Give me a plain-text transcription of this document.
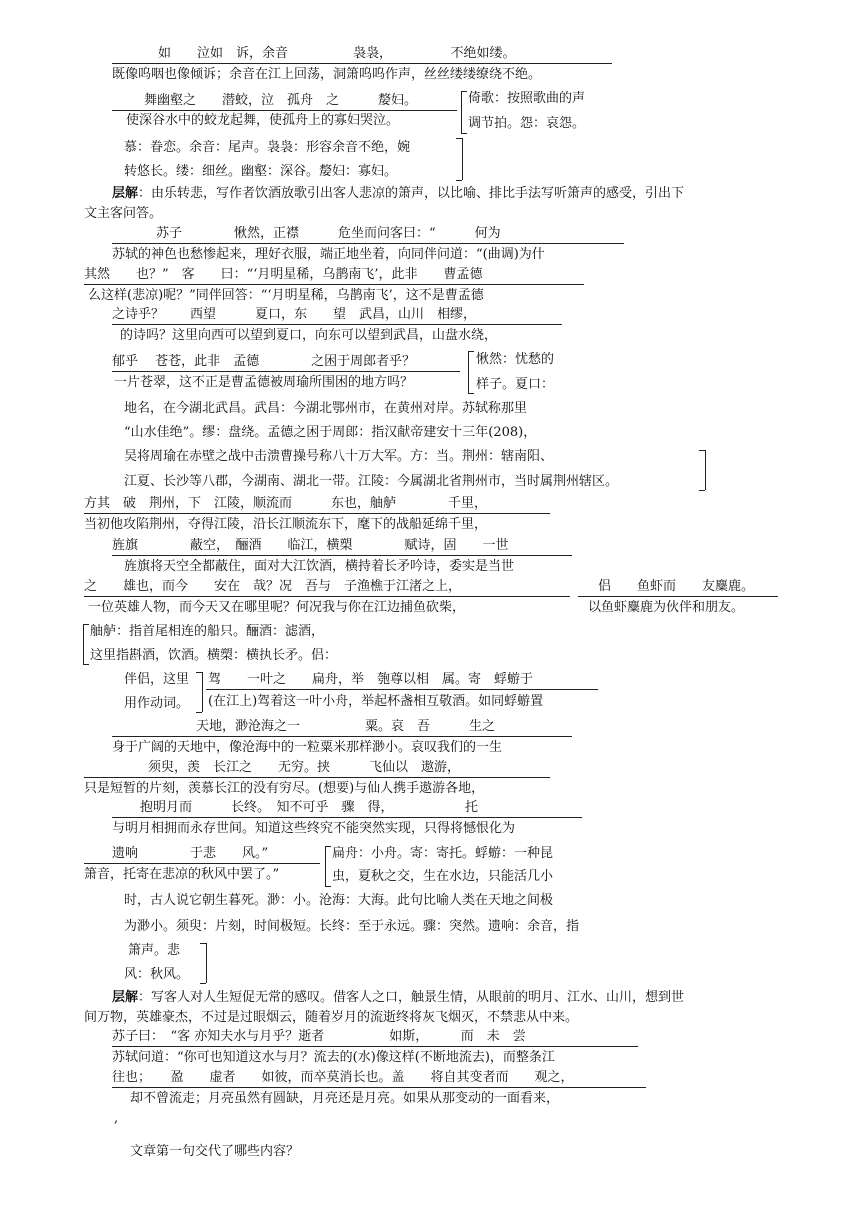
如　　泣如　诉，余音　　　　　袅袅，　　　　　不绝如缕。
既像呜咽也像倾诉；余音在江上回荡，洞箫呜呜作声，丝丝缕缕缭绕不绝。
舞幽壑之　　潜蛟，泣　孤舟　之　　　嫠妇。	倚歌：按照歌曲的声
使深谷水中的蛟龙起舞，使孤舟上的寡妇哭泣。	调节拍。怨：哀怨。
慕：眷恋。余音：尾声。袅袅：形容余音不绝，婉
转悠长。缕：细丝。幽壑：深谷。嫠妇：寡妇。
层解：由乐转悲，写作者饮酒放歌引出客人悲凉的箫声，以比喻、排比手法写听箫声的感受，引出下
文主客问答。
苏子　　　　愀然，正襟　　　危坐而问客曰：“　　　何为
苏轼的神色也愁惨起来，理好衣服，端正地坐着，向同伴问道：“(曲调)为什
其然　　也？”　客　　曰：“‘月明星稀，乌鹊南飞’，此非　　曹孟德
么这样(悲凉)呢？”同伴回答：“‘月明星稀，乌鹊南飞’，这不是曹孟德
之诗乎？　　西望　　　夏口，东　　望　武昌，山川　相缪，
的诗吗？这里向西可以望到夏口，向东可以望到武昌，山盘水绕，
郁乎　 苍苍，此非　孟德　　　　之困于周郎者乎？	愀然：忧愁的
一片苍翠，这不正是曹孟德被周瑜所围困的地方吗？	样子。夏口：
地名，在今湖北武昌。武昌：今湖北鄂州市，在黄州对岸。苏轼称那里
“山水佳绝”。缪：盘绕。孟德之困于周郎：指汉献帝建安十三年(208)，
吴将周瑜在赤壁之战中击溃曹操号称八十万大军。方：当。荆州：辖南阳、
江夏、长沙等八郡，今湖南、湖北一带。江陵：今属湖北省荆州市，当时属荆州辖区。
方其　破　荆州，下　江陵，顺流而　　　东也，舳舻　　　　千里，
当初他攻陷荆州，夺得江陵，沿长江顺流东下，麾下的战船延绵千里，
旌旗　　　　蔽空，　酾酒　　临江，横槊　　　　赋诗，固　　一世
旌旗将天空全都蔽住，面对大江饮酒，横持着长矛吟诗，委实是当世
之　　雄也，而今　　安在　哉？况　吾与　子渔樵于江渚之上，	侣　　鱼虾而　　友麋鹿。
一位英雄人物，而今天又在哪里呢？何况我与你在江边捕鱼砍柴，	以鱼虾麋鹿为伙伴和朋友。
舳舻：指首尾相连的船只。酾酒：滤酒，
这里指斟酒，饮酒。横槊：横执长矛。侣：
伴侣，这里
用作动词。
驾　　一叶之　　扁舟，举　匏尊以相　属。寄　蜉蝣于
(在江上)驾着这一叶小舟，举起杯盏相互敬酒。如同蜉蝣置
天地，渺沧海之一　　　　　粟。哀　吾　　　生之
身于广阔的天地中，像沧海中的一粒粟米那样渺小。哀叹我们的一生
须臾，羡　长江之　　无穷。挟　　　飞仙以　遨游，
只是短暂的片刻，羡慕长江的没有穷尽。(想要)与仙人携手遨游各地，
抱明月而　　　长终。　知不可乎　骤　得，　　　　　　托
与明月相拥而永存世间。知道这些终究不能突然实现，只得将憾恨化为
遗响　　　　于悲　　风。”
箫音，托寄在悲凉的秋风中罢了。”
扁舟：小舟。寄：寄托。蜉蝣：一种昆
虫，夏秋之交，生在水边，只能活几小
时，古人说它朝生暮死。渺：小。沧海：大海。此句比喻人类在天地之间极
为渺小。须臾：片刻，时间极短。长终：至于永远。骤：突然。遗响：余音，指
箫声。悲
风：秋风。
层解：写客人对人生短促无常的感叹。借客人之口，触景生情，从眼前的明月、江水、山川，想到世
间万物，英雄豪杰，不过是过眼烟云，随着岁月的流逝终将灰飞烟灭，不禁悲从中来。
苏子曰：　“客 亦知夫水与月乎？逝者　　　　　如斯，　　　而　未　尝
苏轼问道：“你可也知道这水与月？流去的(水)像这样(不断地流去)，而整条江
往也；　　盈　　虚者　　如彼，而卒莫消长也。盖　　将自其变者而　　观之，
却不曾流走；月亮虽然有圆缺，月亮还是月亮。如果从那变动的一面看来，
,
文章第一句交代了哪些内容？
